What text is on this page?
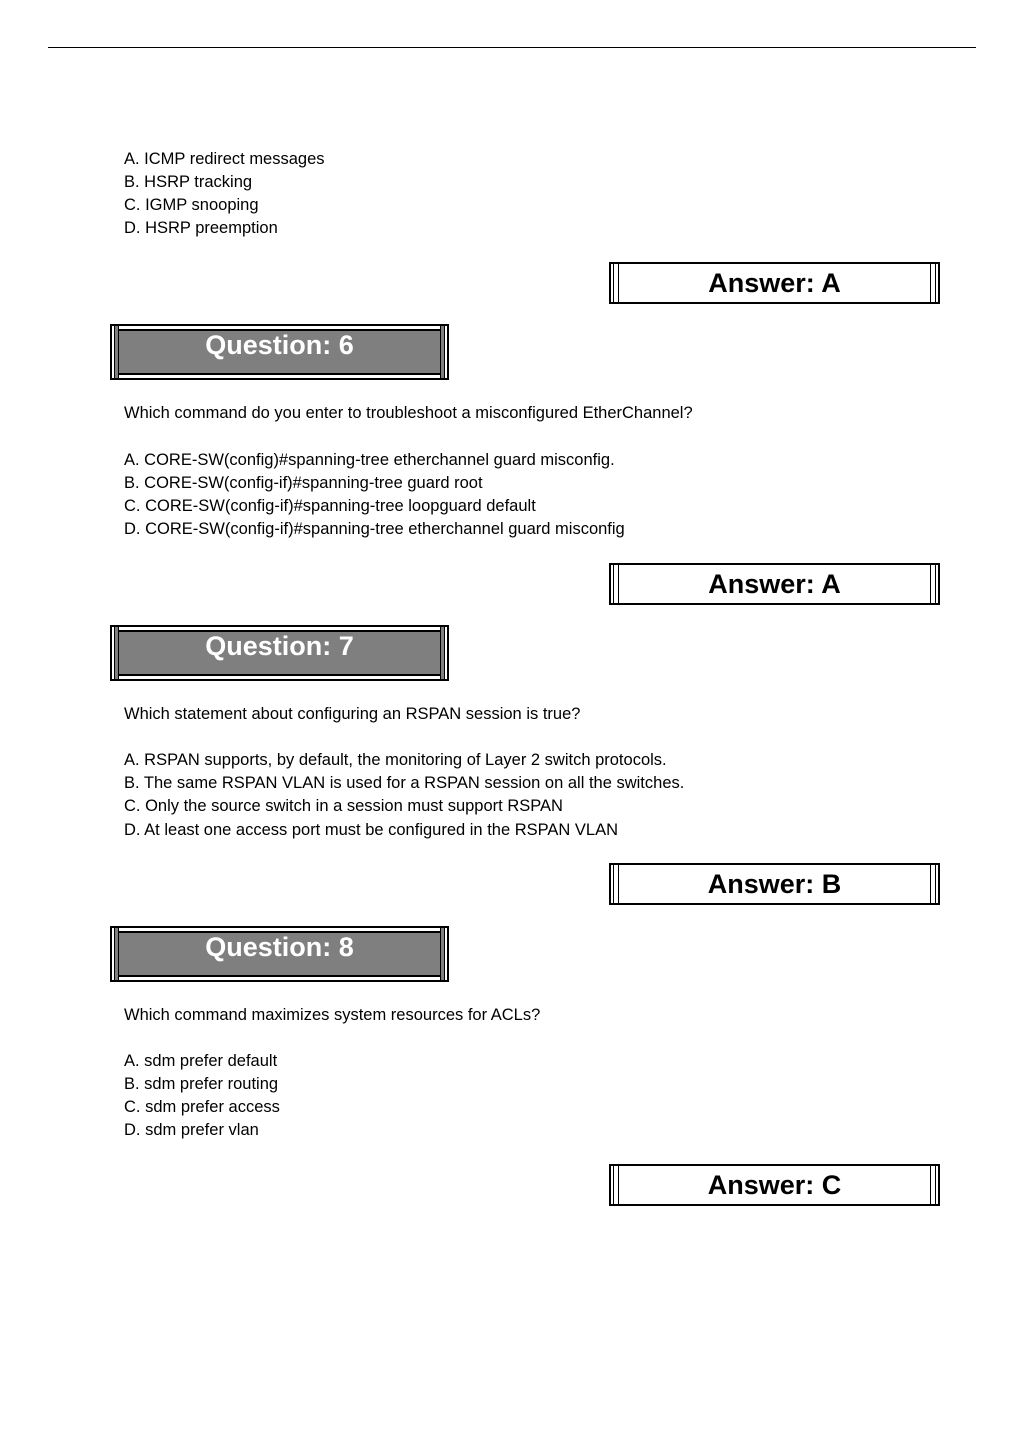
A. ICMP redirect messages
B. HSRP tracking
C. IGMP snooping
D. HSRP preemption
Answer: A
Question: 6
Which command do you enter to troubleshoot a misconfigured EtherChannel?
A. CORE-SW(config)#spanning-tree etherchannel guard misconfig.
B. CORE-SW(config-if)#spanning-tree guard root
C. CORE-SW(config-if)#spanning-tree loopguard default
D. CORE-SW(config-if)#spanning-tree etherchannel guard misconfig
Answer: A
Question: 7
Which statement about configuring an RSPAN session is true?
A. RSPAN supports, by default, the monitoring of Layer 2 switch protocols.
B. The same RSPAN VLAN is used for a RSPAN session on all the switches.
C. Only the source switch in a session must support RSPAN
D. At least one access port must be configured in the RSPAN VLAN
Answer: B
Question: 8
Which command maximizes system resources for ACLs?
A. sdm prefer default
B. sdm prefer routing
C. sdm prefer access
D. sdm prefer vlan
Answer: C
